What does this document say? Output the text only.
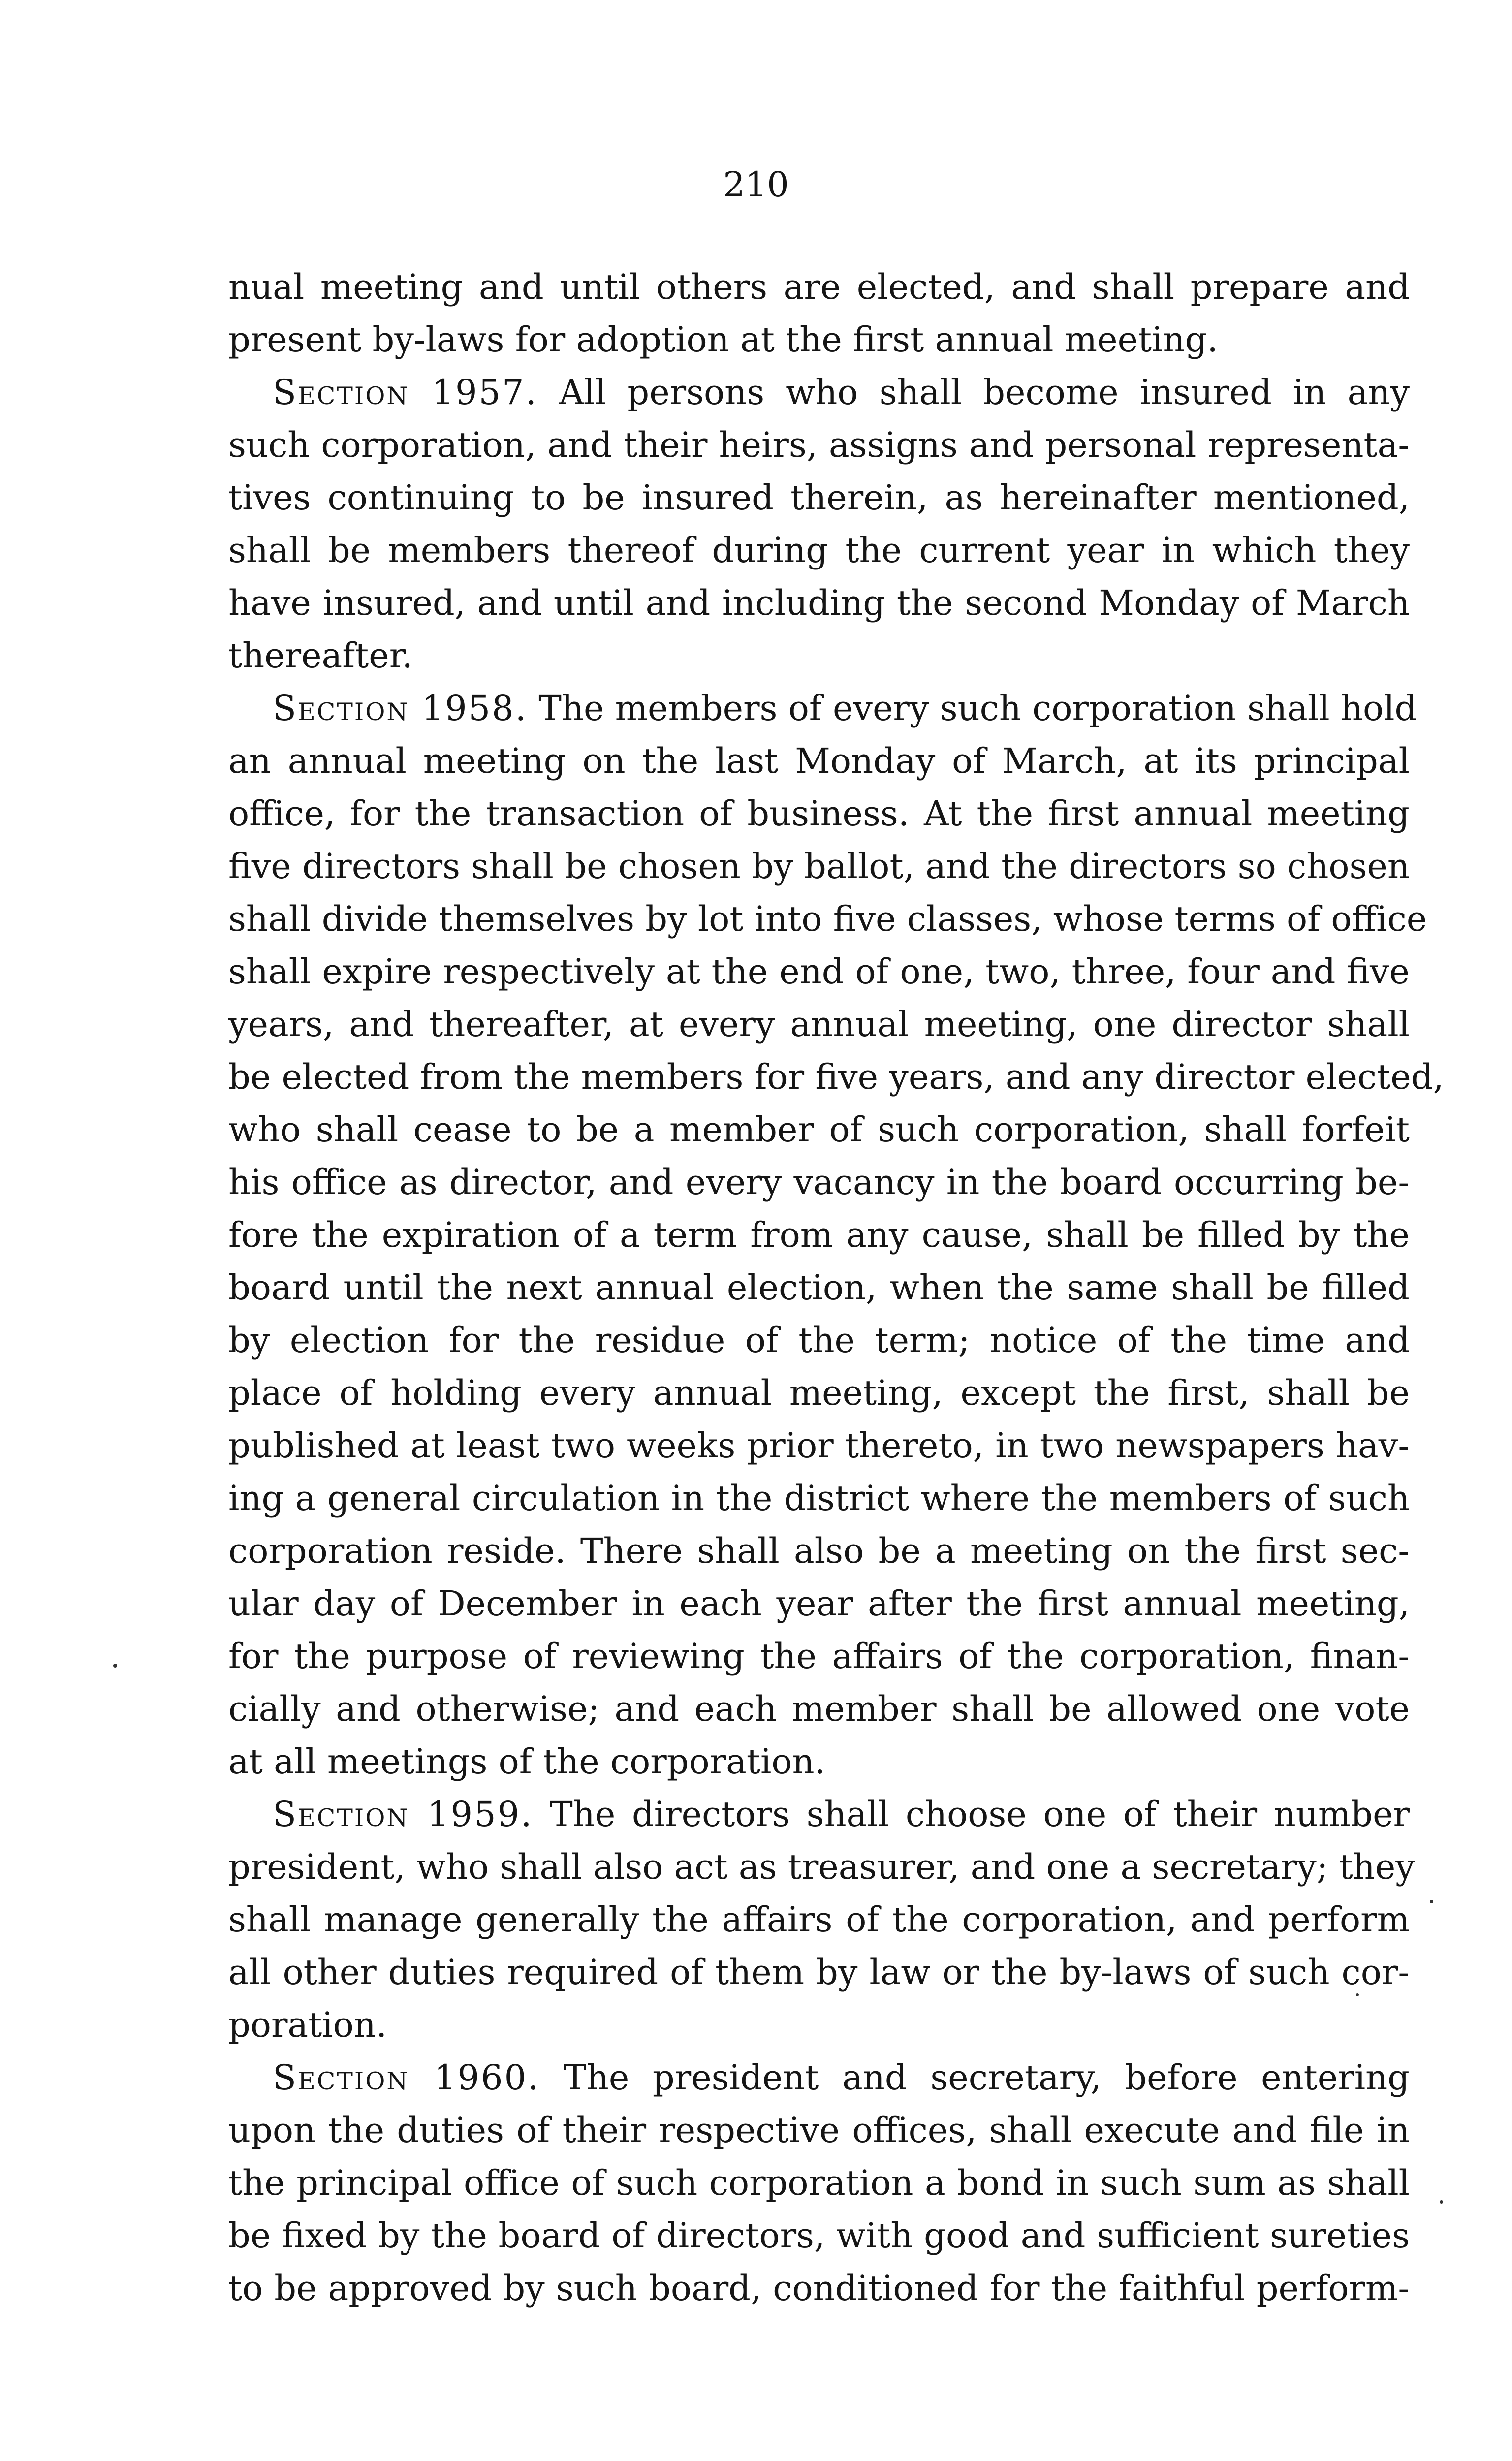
210
nual meeting and until others are elected, and shall prepare and
present by-laws for adoption at the first annual meeting.
Section 1957. All persons who shall become insured in any
such corporation, and their heirs, assigns and personal representa-
tives continuing to be insured therein, as hereinafter mentioned,
shall be members thereof during the current year in which they
have insured, and until and including the second Monday of March
thereafter.
Section 1958. The members of every such corporation shall hold
an annual meeting on the last Monday of March, at its principal
office, for the transaction of business. At the first annual meeting
five directors shall be chosen by ballot, and the directors so chosen
shall divide themselves by lot into five classes, whose terms of office
shall expire respectively at the end of one, two, three, four and five
years, and thereafter, at every annual meeting, one director shall
be elected from the members for five years, and any director elected,
who shall cease to be a member of such corporation, shall forfeit
his office as director, and every vacancy in the board occurring be-
fore the expiration of a term from any cause, shall be filled by the
board until the next annual election, when the same shall be filled
by election for the residue of the term; notice of the time and
place of holding every annual meeting, except the first, shall be
published at least two weeks prior thereto, in two newspapers hav-
ing a general circulation in the district where the members of such
corporation reside. There shall also be a meeting on the first sec-
ular day of December in each year after the first annual meeting,
for the purpose of reviewing the affairs of the corporation, finan-
cially and otherwise; and each member shall be allowed one vote
at all meetings of the corporation.
Section 1959. The directors shall choose one of their number
president, who shall also act as treasurer, and one a secretary; they
shall manage generally the affairs of the corporation, and perform
all other duties required of them by law or the by-laws of such cor-
poration.
Section 1960. The president and secretary, before entering
upon the duties of their respective offices, shall execute and file in
the principal office of such corporation a bond in such sum as shall
be fixed by the board of directors, with good and sufficient sureties
to be approved by such board, conditioned for the faithful perform-
